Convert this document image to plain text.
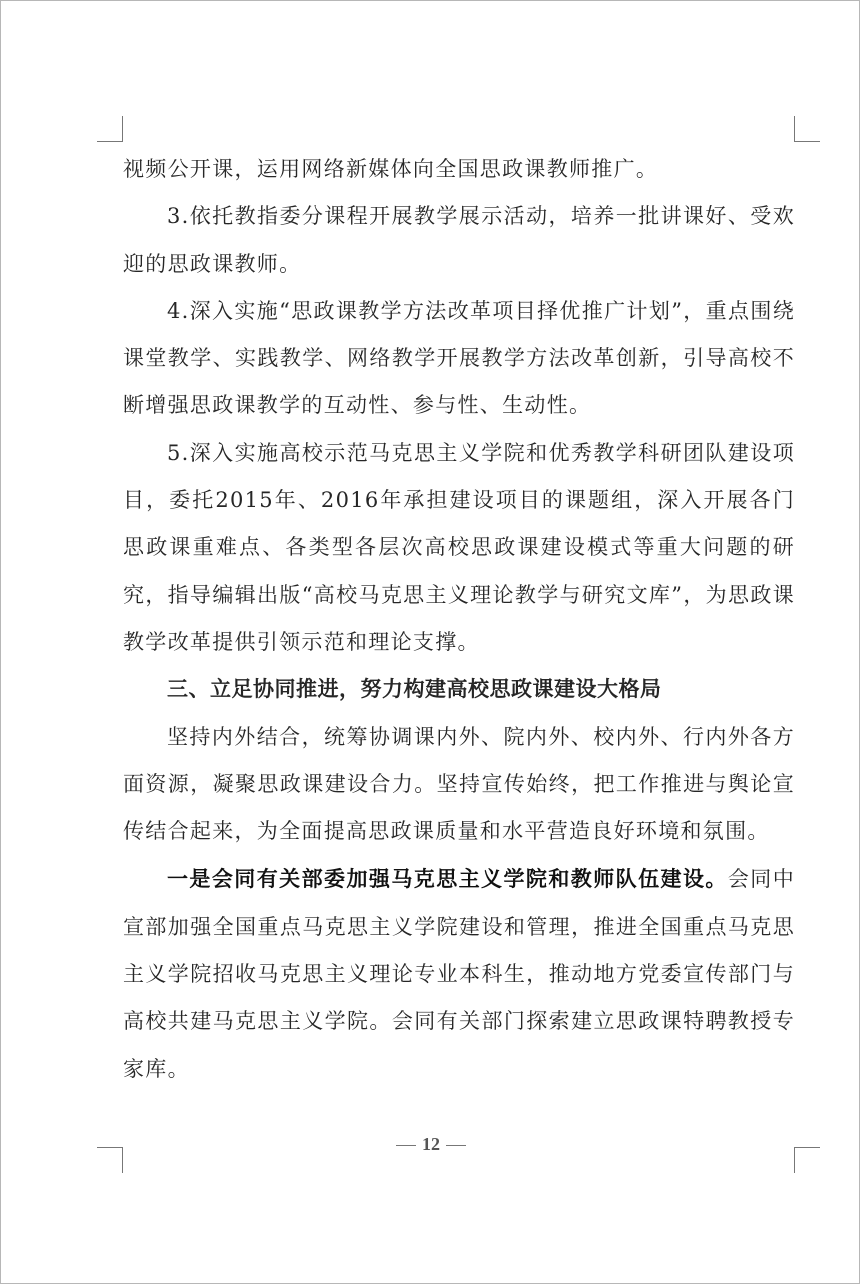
视频公开课，运用网络新媒体向全国思政课教师推广。

3.依托教指委分课程开展教学展示活动，培养一批讲课好、受欢迎的思政课教师。

4.深入实施“思政课教学方法改革项目择优推广计划”，重点围绕课堂教学、实践教学、网络教学开展教学方法改革创新，引导高校不断增强思政课教学的互动性、参与性、生动性。

5.深入实施高校示范马克思主义学院和优秀教学科研团队建设项目，委托2015年、2016年承担建设项目的课题组，深入开展各门思政课重难点、各类型各层次高校思政课建设模式等重大问题的研究，指导编辑出版“高校马克思主义理论教学与研究文库”，为思政课教学改革提供引领示范和理论支撑。

三、立足协同推进，努力构建高校思政课建设大格局

坚持内外结合，统筹协调课内外、院内外、校内外、行内外各方面资源，凝聚思政课建设合力。坚持宣传始终，把工作推进与舆论宣传结合起来，为全面提高思政课质量和水平营造良好环境和氛围。

一是会同有关部委加强马克思主义学院和教师队伍建设。会同中宣部加强全国重点马克思主义学院建设和管理，推进全国重点马克思主义学院招收马克思主义理论专业本科生，推动地方党委宣传部门与高校共建马克思主义学院。会同有关部门探索建立思政课特聘教授专家库。

12
